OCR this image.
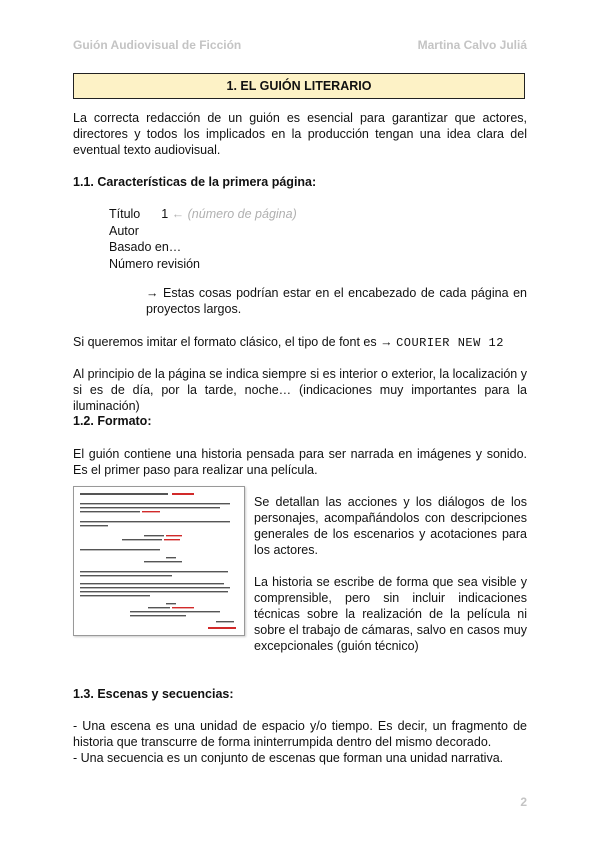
Guión Audiovisual de Ficción	Martina Calvo Juliá
1. EL GUIÓN LITERARIO
La correcta redacción de un guión es esencial para garantizar que actores, directores y todos los implicados en la producción tengan una idea clara del eventual texto audiovisual.
1.1. Características de la primera página:
Título 1 ← (número de página)
Autor
Basado en…
Número revisión
→ Estas cosas podrían estar en el encabezado de cada página en proyectos largos.
Si queremos imitar el formato clásico, el tipo de font es → COURIER NEW 12
Al principio de la página se indica siempre si es interior o exterior, la localización y si es de día, por la tarde, noche… (indicaciones muy importantes para la iluminación)
1.2. Formato:
El guión contiene una historia pensada para ser narrada en imágenes y sonido. Es el primer paso para realizar una película.
Se detallan las acciones y los diálogos de los personajes, acompañándolos con descripciones generales de los escenarios y acotaciones para los actores.
La historia se escribe de forma que sea visible y comprensible, pero sin incluir indicaciones técnicas sobre la realización de la película ni sobre el trabajo de cámaras, salvo en casos muy excepcionales (guión técnico)
1.3. Escenas y secuencias:
- Una escena es una unidad de espacio y/o tiempo. Es decir, un fragmento de historia que transcurre de forma ininterrumpida dentro del mismo decorado.
- Una secuencia es un conjunto de escenas que forman una unidad narrativa.
2
